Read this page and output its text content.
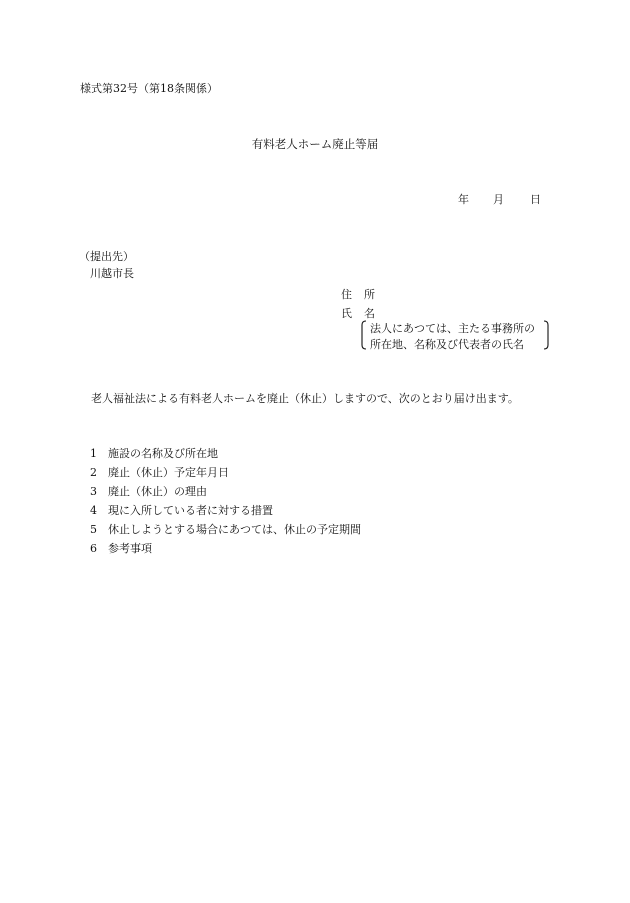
様式第32号（第18条関係）
有料老人ホーム廃止等届
年 月 日
（提出先）
川越市長
住 所
氏 名
法人にあつては、主たる事務所の
所在地、名称及び代表者の氏名
老人福祉法による有料老人ホームを廃止（休止）しますので、次のとおり届け出ます。
1 施設の名称及び所在地
2 廃止（休止）予定年月日
3 廃止（休止）の理由
4 現に入所している者に対する措置
5 休止しようとする場合にあつては、休止の予定期間
6 参考事項
